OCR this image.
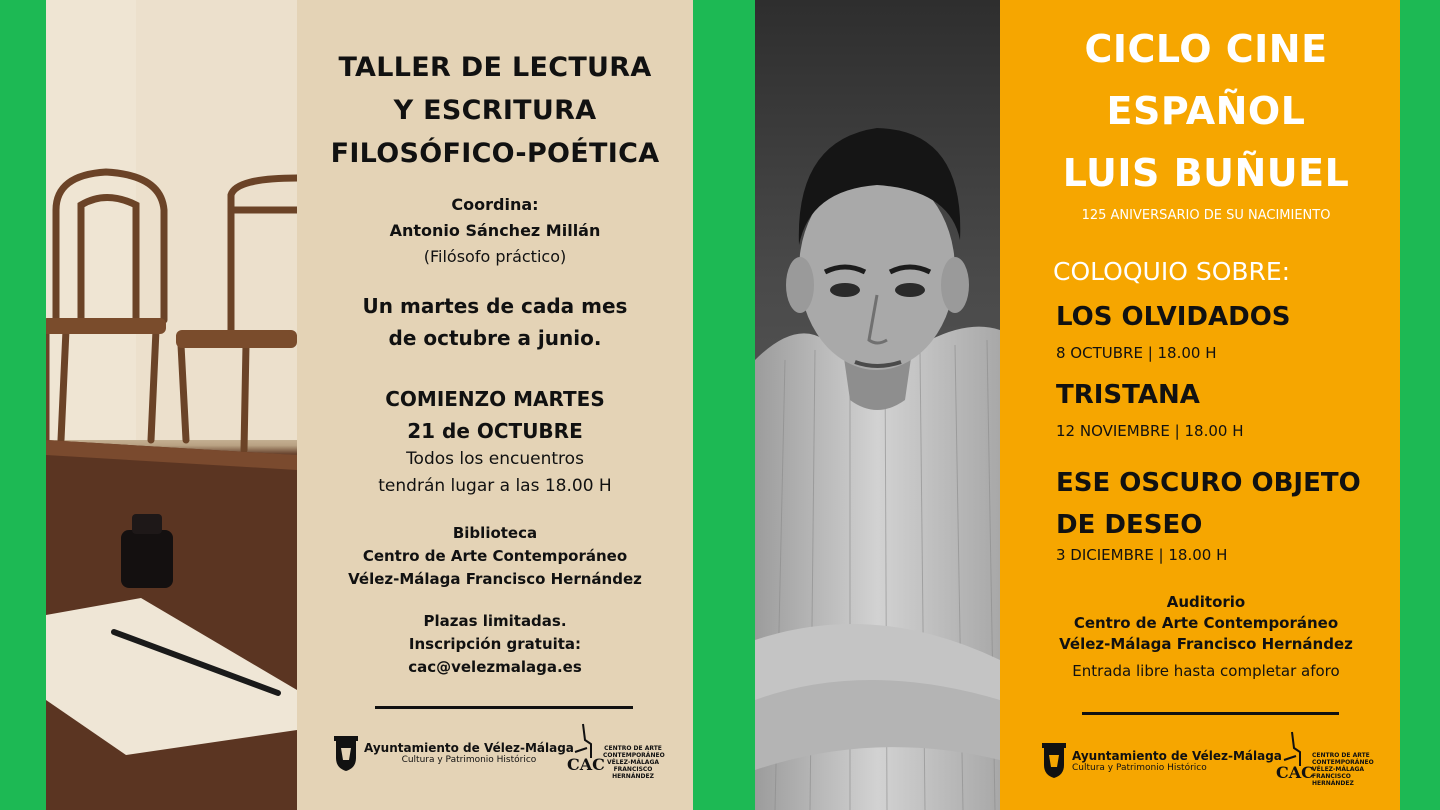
TALLER DE LECTURA
Y ESCRITURA
FILOSÓFICO-POÉTICA
Coordina:
Antonio Sánchez Millán
(Filósofo práctico)
Un martes de cada mes
de octubre a junio.
COMIENZO MARTES
21 de OCTUBRE
Todos los encuentros
tendrán lugar a las 18.00 H
Biblioteca
Centro de Arte Contemporáneo
Vélez-Málaga Francisco Hernández
Plazas limitadas.
Inscripción gratuita:
cac@velezmalaga.es
Ayuntamiento de Vélez-Málaga
Cultura y Patrimonio Histórico	CAC
CENTRO DE ARTE CONTEMPORÁNEO VÉLEZ-MÁLAGA FRANCISCO HERNÁNDEZ
CICLO CINE
ESPAÑOL
LUIS BUÑUEL
125 ANIVERSARIO DE SU NACIMIENTO
COLOQUIO SOBRE:
LOS OLVIDADOS
8 OCTUBRE | 18.00 H
TRISTANA
12 NOVIEMBRE | 18.00 H
ESE OSCURO OBJETO
DE DESEO
3 DICIEMBRE | 18.00 H
Auditorio
Centro de Arte Contemporáneo
Vélez-Málaga Francisco Hernández
Entrada libre hasta completar aforo
Ayuntamiento de Vélez-Málaga
Cultura y Patrimonio Histórico	CAC
CENTRO DE ARTE CONTEMPORÁNEO VÉLEZ-MÁLAGA FRANCISCO HERNÁNDEZ
